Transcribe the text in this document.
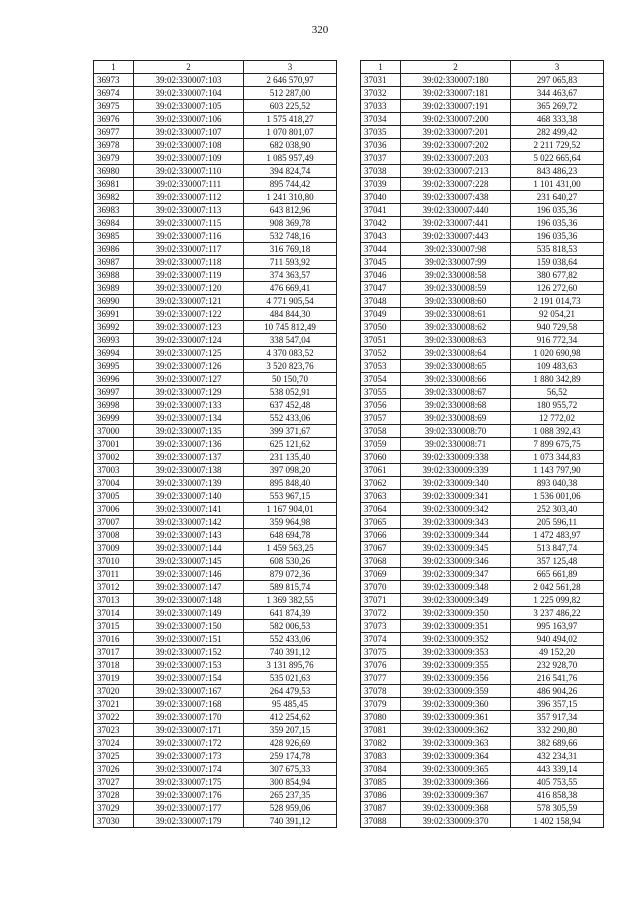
320
1	2	3
36973	39:02:330007:103	2 646 570,97
36974	39:02:330007:104	512 287,00
36975	39:02:330007:105	603 225,52
36976	39:02:330007:106	1 575 418,27
36977	39:02:330007:107	1 070 801,07
36978	39:02:330007:108	682 038,90
36979	39:02:330007:109	1 085 957,49
36980	39:02:330007:110	394 824,74
36981	39:02:330007:111	895 744,42
36982	39:02:330007:112	1 241 310,80
36983	39:02:330007:113	643 812,96
36984	39:02:330007:115	908 369,78
36985	39:02:330007:116	532 748,16
36986	39:02:330007:117	316 769,18
36987	39:02:330007:118	711 593,92
36988	39:02:330007:119	374 363,57
36989	39:02:330007:120	476 669,41
36990	39:02:330007:121	4 771 905,54
36991	39:02:330007:122	484 844,30
36992	39:02:330007:123	10 745 812,49
36993	39:02:330007:124	338 547,04
36994	39:02:330007:125	4 370 083,52
36995	39:02:330007:126	3 520 823,76
36996	39:02:330007:127	50 150,70
36997	39:02:330007:129	538 052,91
36998	39:02:330007:133	637 452,48
36999	39:02:330007:134	552 433,06
37000	39:02:330007:135	399 371,67
37001	39:02:330007:136	625 121,62
37002	39:02:330007:137	231 135,40
37003	39:02:330007:138	397 098,20
37004	39:02:330007:139	895 848,40
37005	39:02:330007:140	553 967,15
37006	39:02:330007:141	1 167 904,01
37007	39:02:330007:142	359 964,98
37008	39:02:330007:143	648 694,78
37009	39:02:330007:144	1 459 563,25
37010	39:02:330007:145	608 530,26
37011	39:02:330007:146	879 072,36
37012	39:02:330007:147	589 815,74
37013	39:02:330007:148	1 369 382,55
37014	39:02:330007:149	641 874,39
37015	39:02:330007:150	582 006,53
37016	39:02:330007:151	552 433,06
37017	39:02:330007:152	740 391,12
37018	39:02:330007:153	3 131 895,76
37019	39:02:330007:154	535 021,63
37020	39:02:330007:167	264 479,53
37021	39:02:330007:168	95 485,45
37022	39:02:330007:170	412 254,62
37023	39:02:330007:171	359 207,15
37024	39:02:330007:172	428 926,69
37025	39:02:330007:173	259 174,78
37026	39:02:330007:174	307 675,33
37027	39:02:330007:175	300 854,94
37028	39:02:330007:176	265 237,35
37029	39:02:330007:177	528 959,06
37030	39:02:330007:179	740 391,12
1	2	3
37031	39:02:330007:180	297 065,83
37032	39:02:330007:181	344 463,67
37033	39:02:330007:191	365 269,72
37034	39:02:330007:200	468 333,38
37035	39:02:330007:201	282 499,42
37036	39:02:330007:202	2 211 729,52
37037	39:02:330007:203	5 022 665,64
37038	39:02:330007:213	843 486,23
37039	39:02:330007:228	1 101 431,00
37040	39:02:330007:438	231 640,27
37041	39:02:330007:440	196 035,36
37042	39:02:330007:441	196 035,36
37043	39:02:330007:443	196 035,36
37044	39:02:330007:98	535 818,53
37045	39:02:330007:99	159 038,64
37046	39:02:330008:58	380 677,82
37047	39:02:330008:59	126 272,60
37048	39:02:330008:60	2 191 014,73
37049	39:02:330008:61	92 054,21
37050	39:02:330008:62	940 729,58
37051	39:02:330008:63	916 772,34
37052	39:02:330008:64	1 020 690,98
37053	39:02:330008:65	109 483,63
37054	39:02:330008:66	1 880 342,89
37055	39:02:330008:67	56,52
37056	39:02:330008:68	180 955,72
37057	39:02:330008:69	12 772,02
37058	39:02:330008:70	1 088 392,43
37059	39:02:330008:71	7 899 675,75
37060	39:02:330009:338	1 073 344,83
37061	39:02:330009:339	1 143 797,90
37062	39:02:330009:340	893 040,38
37063	39:02:330009:341	1 536 001,06
37064	39:02:330009:342	252 303,40
37065	39:02:330009:343	205 596,11
37066	39:02:330009:344	1 472 483,97
37067	39:02:330009:345	513 847,74
37068	39:02:330009:346	357 125,48
37069	39:02:330009:347	665 661,89
37070	39:02:330009:348	2 042 561,28
37071	39:02:330009:349	1 225 099,82
37072	39:02:330009:350	3 237 486,22
37073	39:02:330009:351	995 163,97
37074	39:02:330009:352	940 494,02
37075	39:02:330009:353	49 152,20
37076	39:02:330009:355	232 928,70
37077	39:02:330009:356	216 541,76
37078	39:02:330009:359	486 904,26
37079	39:02:330009:360	396 357,15
37080	39:02:330009:361	357 917,34
37081	39:02:330009:362	332 290,80
37082	39:02:330009:363	382 689,66
37083	39:02:330009:364	432 234,31
37084	39:02:330009:365	443 339,14
37085	39:02:330009:366	405 753,55
37086	39:02:330009:367	416 858,38
37087	39:02:330009:368	578 305,59
37088	39:02:330009:370	1 402 158,94
